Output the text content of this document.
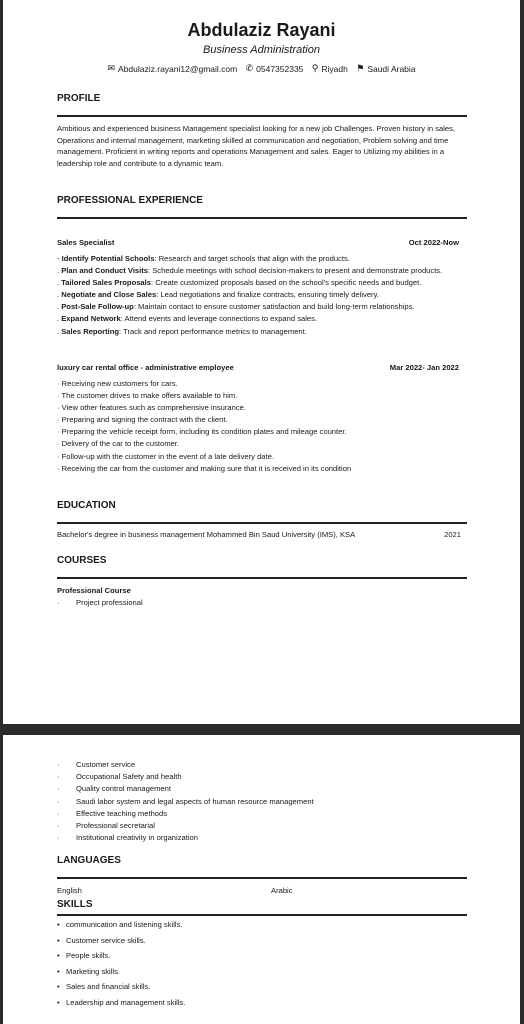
Abdulaziz Rayani
Business Administration
✉ Abdulaziz.rayani12@gmail.com
✆ 0547352335
⚲ Riyadh
⚑ Saudi Arabia
PROFILE
Ambitious and experienced business Management specialist looking for a new job Challenges. Proven history in sales, Operations and internal management, marketing skilled at communication and negotiation, Problem solving and time management. Proficient in writing reports and operations Management and sales. Eager to Utilizing my abilities in a leadership role and contribute to a dynamic team.
PROFESSIONAL EXPERIENCE
Sales Specialist	Oct 2022-Now
- Identify Potential Schools: Research and target schools that align with the products.
. Plan and Conduct Visits: Schedule meetings with school decision-makers to present and demonstrate products.
. Tailored Sales Proposals: Create customized proposals based on the school's specific needs and budget.
. Negotiate and Close Sales: Lead negotiations and finalize contracts, ensuring timely delivery.
. Post-Sale Follow-up: Maintain contact to ensure customer satisfaction and build long-term relationships.
. Expand Network: Attend events and leverage connections to expand sales.
. Sales Reporting: Track and report performance metrics to management.
luxury car rental office - administrative employee	Mar 2022- Jan 2022
· Receiving new customers for cars.
· The customer drives to make offers available to him.
· View other features such as comprehensive insurance.
· Preparing and signing the contract with the client.
· Preparing the vehicle receipt form, including its condition plates and mileage counter.
· Delivery of the car to the customer.
· Follow-up with the customer in the event of a late delivery date.
· Receiving the car from the customer and making sure that it is received in its condition
EDUCATION
Bachelor's degree in business management Mohammed Bin Saud University (IMS), KSA	2021
COURSES
Professional Course
· Project professional
· Customer service
· Occupational Safety and health
· Quality control management
· Saudi labor system and legal aspects of human resource management
· Effective teaching methods
· Professional secretarial
· Institutional creativity in organization
LANGUAGES
English	Arabic
SKILLS
• communication and listening skills.
• Customer service skills.
• People skills.
• Marketing skills.
• Sales and financial skills.
• Leadership and management skills.
